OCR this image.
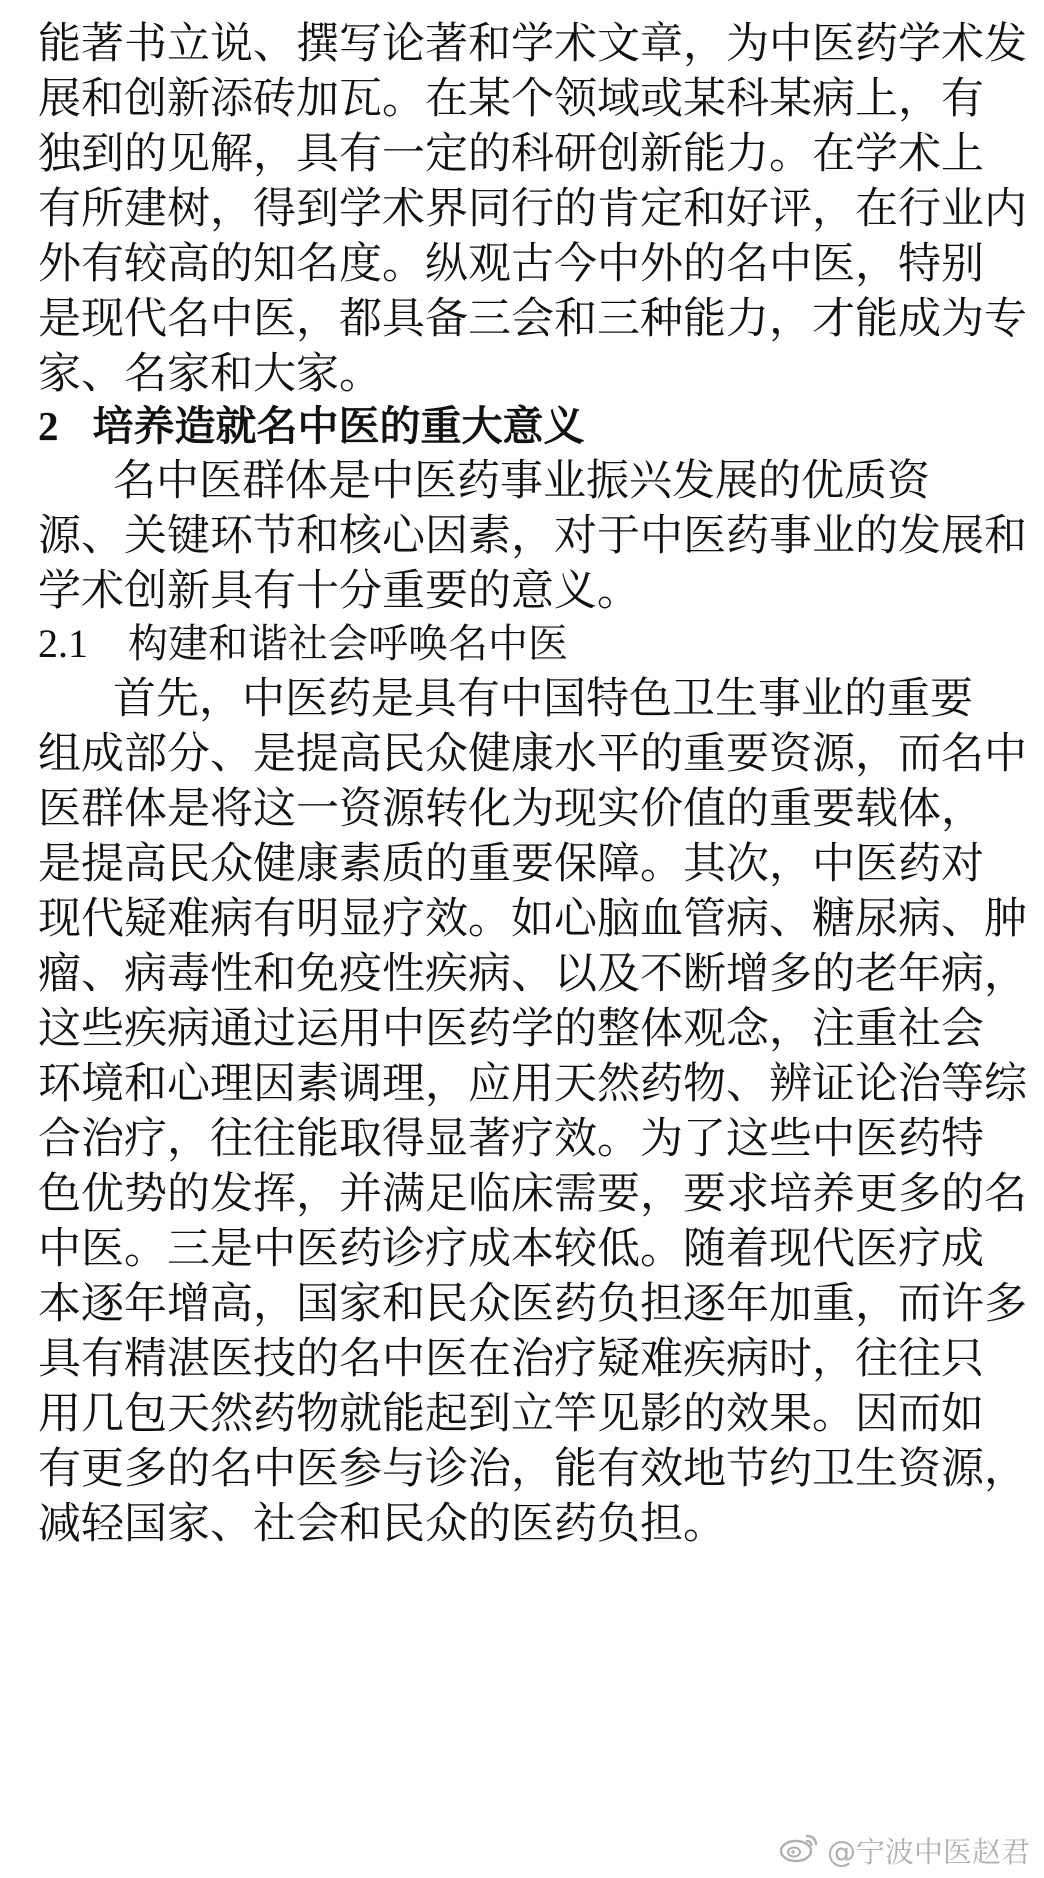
能著书立说、撰写论著和学术文章，为中医药学术发
展和创新添砖加瓦。在某个领域或某科某病上，有
独到的见解，具有一定的科研创新能力。在学术上
有所建树，得到学术界同行的肯定和好评，在行业内
外有较高的知名度。纵观古今中外的名中医，特别
是现代名中医，都具备三会和三种能力，才能成为专
家、名家和大家。
2 培养造就名中医的重大意义
名中医群体是中医药事业振兴发展的优质资
源、关键环节和核心因素，对于中医药事业的发展和
学术创新具有十分重要的意义。
2.1 构建和谐社会呼唤名中医
首先，中医药是具有中国特色卫生事业的重要
组成部分、是提高民众健康水平的重要资源，而名中
医群体是将这一资源转化为现实价值的重要载体，
是提高民众健康素质的重要保障。其次，中医药对
现代疑难病有明显疗效。如心脑血管病、糖尿病、肿
瘤、病毒性和免疫性疾病、以及不断增多的老年病，
这些疾病通过运用中医药学的整体观念，注重社会
环境和心理因素调理，应用天然药物、辨证论治等综
合治疗，往往能取得显著疗效。为了这些中医药特
色优势的发挥，并满足临床需要，要求培养更多的名
中医。三是中医药诊疗成本较低。随着现代医疗成
本逐年增高，国家和民众医药负担逐年加重，而许多
具有精湛医技的名中医在治疗疑难疾病时，往往只
用几包天然药物就能起到立竿见影的效果。因而如
有更多的名中医参与诊治，能有效地节约卫生资源，
减轻国家、社会和民众的医药负担。
@宁波中医赵君
